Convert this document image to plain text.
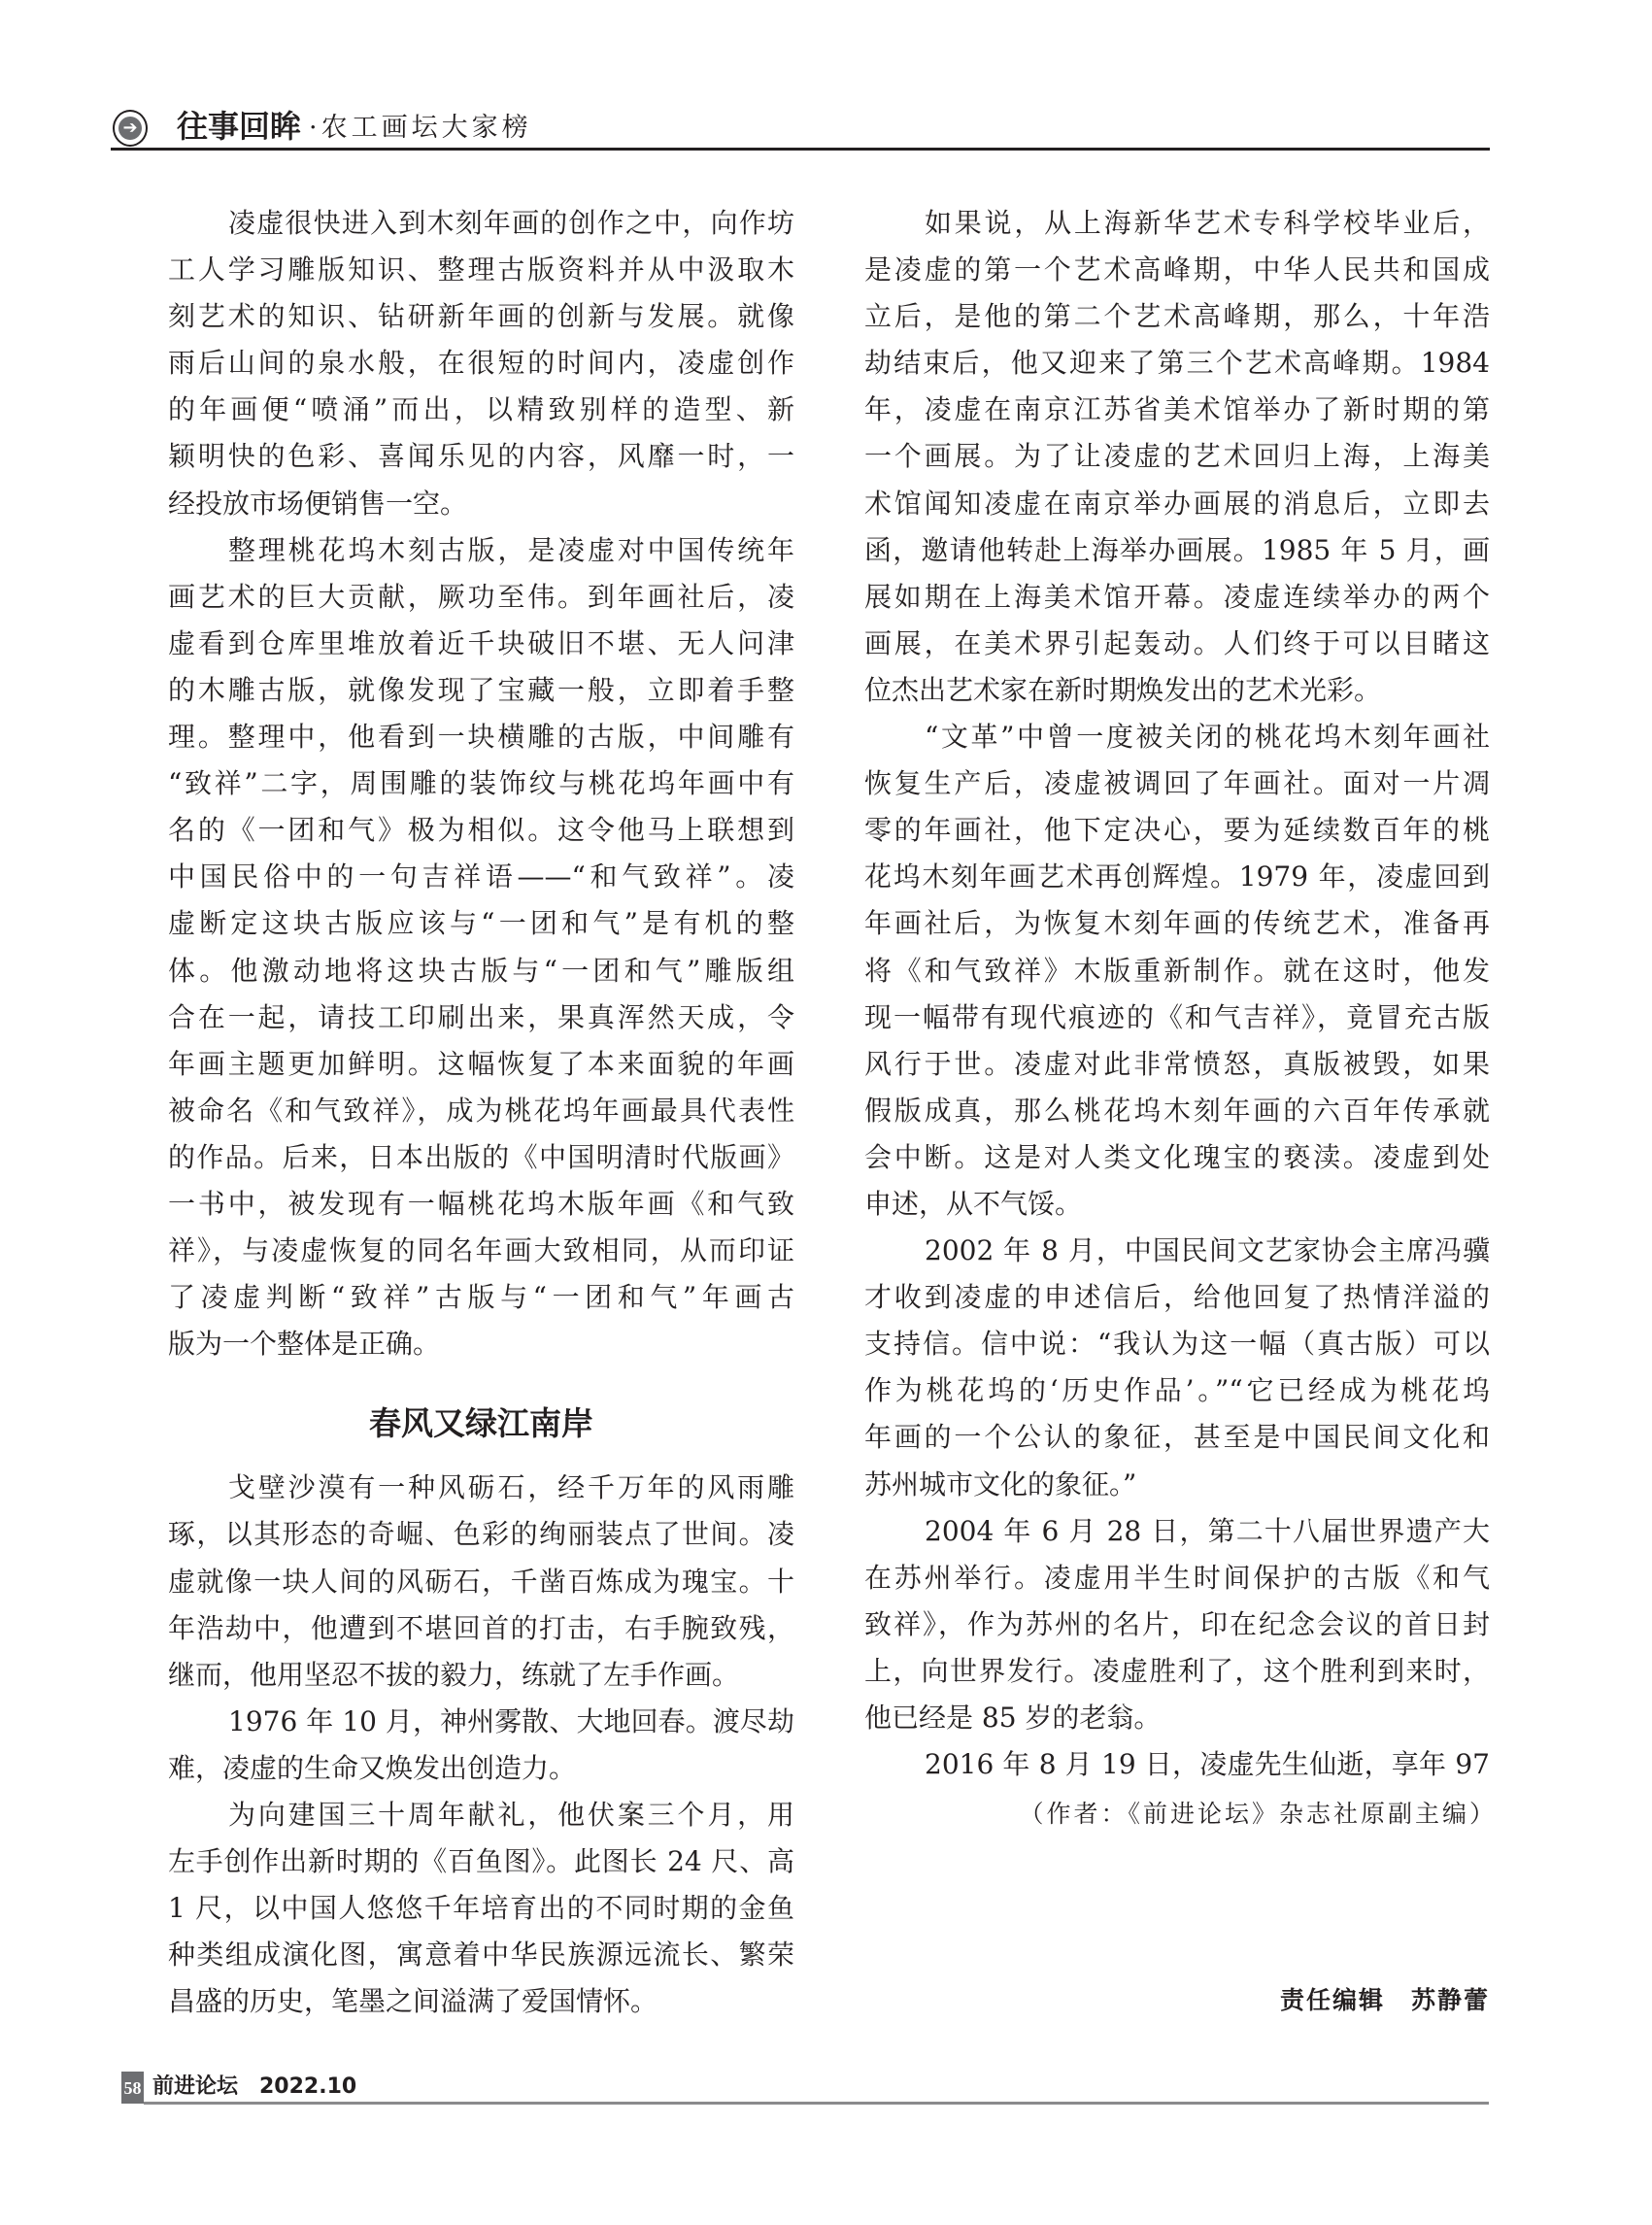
➔ 往事回眸 ·农工画坛大家榜
凌虚很快进入到木刻年画的创作之中，向作坊
工人学习雕版知识、整理古版资料并从中汲取木
刻艺术的知识、钻研新年画的创新与发展。就像
雨后山间的泉水般，在很短的时间内，凌虚创作
的年画便“喷涌”而出，以精致别样的造型、新
颖明快的色彩、喜闻乐见的内容，风靡一时，一
经投放市场便销售一空。
整理桃花坞木刻古版，是凌虚对中国传统年
画艺术的巨大贡献，厥功至伟。到年画社后，凌
虚看到仓库里堆放着近千块破旧不堪、无人问津
的木雕古版，就像发现了宝藏一般，立即着手整
理。整理中，他看到一块横雕的古版，中间雕有
“致祥”二字，周围雕的装饰纹与桃花坞年画中有
名的《一团和气》极为相似。这令他马上联想到
中国民俗中的一句吉祥语——“和气致祥”。凌
虚断定这块古版应该与“一团和气”是有机的整
体。他激动地将这块古版与“一团和气”雕版组
合在一起，请技工印刷出来，果真浑然天成，令
年画主题更加鲜明。这幅恢复了本来面貌的年画
被命名《和气致祥》，成为桃花坞年画最具代表性
的作品。后来，日本出版的《中国明清时代版画》
一书中，被发现有一幅桃花坞木版年画《和气致
祥》，与凌虚恢复的同名年画大致相同，从而印证
了凌虚判断“致祥”古版与“一团和气”年画古
版为一个整体是正确。
春风又绿江南岸
戈壁沙漠有一种风砺石，经千万年的风雨雕
琢，以其形态的奇崛、色彩的绚丽装点了世间。凌
虚就像一块人间的风砺石，千凿百炼成为瑰宝。十
年浩劫中，他遭到不堪回首的打击，右手腕致残，
继而，他用坚忍不拔的毅力，练就了左手作画。
1976 年 10 月，神州雾散、大地回春。渡尽劫
难，凌虚的生命又焕发出创造力。
为向建国三十周年献礼，他伏案三个月，用
左手创作出新时期的《百鱼图》。此图长 24 尺、高
1 尺，以中国人悠悠千年培育出的不同时期的金鱼
种类组成演化图，寓意着中华民族源远流长、繁荣
昌盛的历史，笔墨之间溢满了爱国情怀。
如果说，从上海新华艺术专科学校毕业后，
是凌虚的第一个艺术高峰期，中华人民共和国成
立后，是他的第二个艺术高峰期，那么，十年浩
劫结束后，他又迎来了第三个艺术高峰期。1984
年，凌虚在南京江苏省美术馆举办了新时期的第
一个画展。为了让凌虚的艺术回归上海，上海美
术馆闻知凌虚在南京举办画展的消息后，立即去
函，邀请他转赴上海举办画展。1985 年 5 月，画
展如期在上海美术馆开幕。凌虚连续举办的两个
画展，在美术界引起轰动。人们终于可以目睹这
位杰出艺术家在新时期焕发出的艺术光彩。
“文革”中曾一度被关闭的桃花坞木刻年画社
恢复生产后，凌虚被调回了年画社。面对一片凋
零的年画社，他下定决心，要为延续数百年的桃
花坞木刻年画艺术再创辉煌。1979 年，凌虚回到
年画社后，为恢复木刻年画的传统艺术，准备再
将《和气致祥》木版重新制作。就在这时，他发
现一幅带有现代痕迹的《和气吉祥》，竟冒充古版
风行于世。凌虚对此非常愤怒，真版被毁，如果
假版成真，那么桃花坞木刻年画的六百年传承就
会中断。这是对人类文化瑰宝的亵渎。凌虚到处
申述，从不气馁。
2002 年 8 月，中国民间文艺家协会主席冯骥
才收到凌虚的申述信后，给他回复了热情洋溢的
支持信。信中说：“我认为这一幅（真古版）可以
作为桃花坞的‘历史作品’。”“它已经成为桃花坞
年画的一个公认的象征，甚至是中国民间文化和
苏州城市文化的象征。”
2004 年 6 月 28 日，第二十八届世界遗产大
在苏州举行。凌虚用半生时间保护的古版《和气
致祥》，作为苏州的名片，印在纪念会议的首日封
上，向世界发行。凌虚胜利了，这个胜利到来时，
他已经是 85 岁的老翁。
2016 年 8 月 19 日，凌虚先生仙逝，享年 97
（作者：《前进论坛》杂志社原副主编）
责任编辑　苏静蕾
58 前进论坛　2022.10
